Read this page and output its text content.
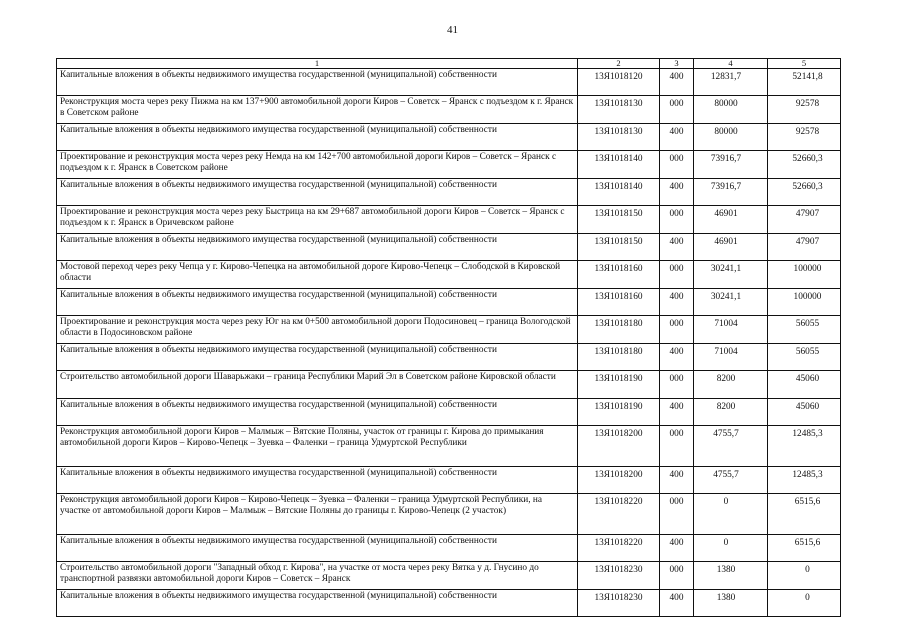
41
1	2	3	4	5
Капитальные вложения в объекты недвижимого имущества государственной (муниципальной) собственности	13Я1018120	400	12831,7	52141,8
Реконструкция моста через реку Пижма на км 137+900 автомобильной дороги Киров – Советск – Яранск с подъездом к г. Яранск в Советском районе	13Я1018130	000	80000	92578
Капитальные вложения в объекты недвижимого имущества государственной (муниципальной) собственности	13Я1018130	400	80000	92578
Проектирование и реконструкция моста через реку Немда на км 142+700 автомобильной дороги Киров – Советск – Яранск с подъездом к г. Яранск в Советском районе	13Я1018140	000	73916,7	52660,3
Капитальные вложения в объекты недвижимого имущества государственной (муниципальной) собственности	13Я1018140	400	73916,7	52660,3
Проектирование и реконструкция моста через реку Быстрица на км 29+687 автомобильной дороги Киров – Советск – Яранск с подъездом к г. Яранск в Оричевском районе	13Я1018150	000	46901	47907
Капитальные вложения в объекты недвижимого имущества государственной (муниципальной) собственности	13Я1018150	400	46901	47907
Мостовой переход через реку Чепца у г. Кирово-Чепецка на автомобильной дороге Кирово-Чепецк – Слободской в Кировской области	13Я1018160	000	30241,1	100000
Капитальные вложения в объекты недвижимого имущества государственной (муниципальной) собственности	13Я1018160	400	30241,1	100000
Проектирование и реконструкция моста через реку Юг на км 0+500 автомобильной дороги Подосиновец – граница Вологодской области в Подосиновском районе	13Я1018180	000	71004	56055
Капитальные вложения в объекты недвижимого имущества государственной (муниципальной) собственности	13Я1018180	400	71004	56055
Строительство автомобильной дороги Шаварьжаки – граница Республики Марий Эл в Советском районе Кировской области	13Я1018190	000	8200	45060
Капитальные вложения в объекты недвижимого имущества государственной (муниципальной) собственности	13Я1018190	400	8200	45060
Реконструкция автомобильной дороги Киров – Малмыж – Вятские Поляны, участок от границы г. Кирова до примыкания автомобильной дороги Киров – Кирово-Чепецк – Зуевка – Фаленки – граница Удмуртской Республики	13Я1018200	000	4755,7	12485,3
Капитальные вложения в объекты недвижимого имущества государственной (муниципальной) собственности	13Я1018200	400	4755,7	12485,3
Реконструкция автомобильной дороги Киров – Кирово-Чепецк – Зуевка – Фаленки – граница Удмуртской Республики, на участке от автомобильной дороги Киров – Малмыж – Вятские Поляны до границы г. Кирово-Чепецк (2 участок)	13Я1018220	000	0	6515,6
Капитальные вложения в объекты недвижимого имущества государственной (муниципальной) собственности	13Я1018220	400	0	6515,6
Строительство автомобильной дороги "Западный обход г. Кирова", на участке от моста через реку Вятка у д. Гнусино до транспортной развязки автомобильной дороги Киров – Советск – Яранск	13Я1018230	000	1380	0
Капитальные вложения в объекты недвижимого имущества государственной (муниципальной) собственности	13Я1018230	400	1380	0
